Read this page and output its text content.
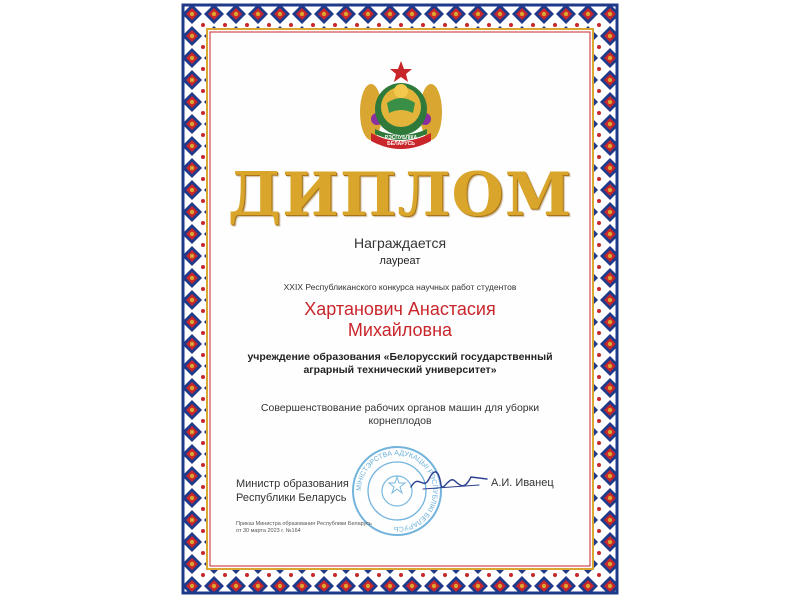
РЭСПУБЛІКА
БЕЛАРУСЬ
ДИПЛОМ
Награждается
лауреат
XXIX Республиканского конкурса научных работ студентов
Хартанович Анастасия
Михайловна
учреждение образования «Белорусский государственный
аграрный технический университет»
Совершенствование рабочих органов машин для уборки
корнеплодов
МІНІСТЭРСТВА АДУКАЦЫІ РЭСПУБЛІКІ БЕЛАРУСЬ
Министр образования
Республики Беларусь
А.И. Иванец
Приказ Министра образования Республики Беларусь
от 30 марта 2023 г. №164
